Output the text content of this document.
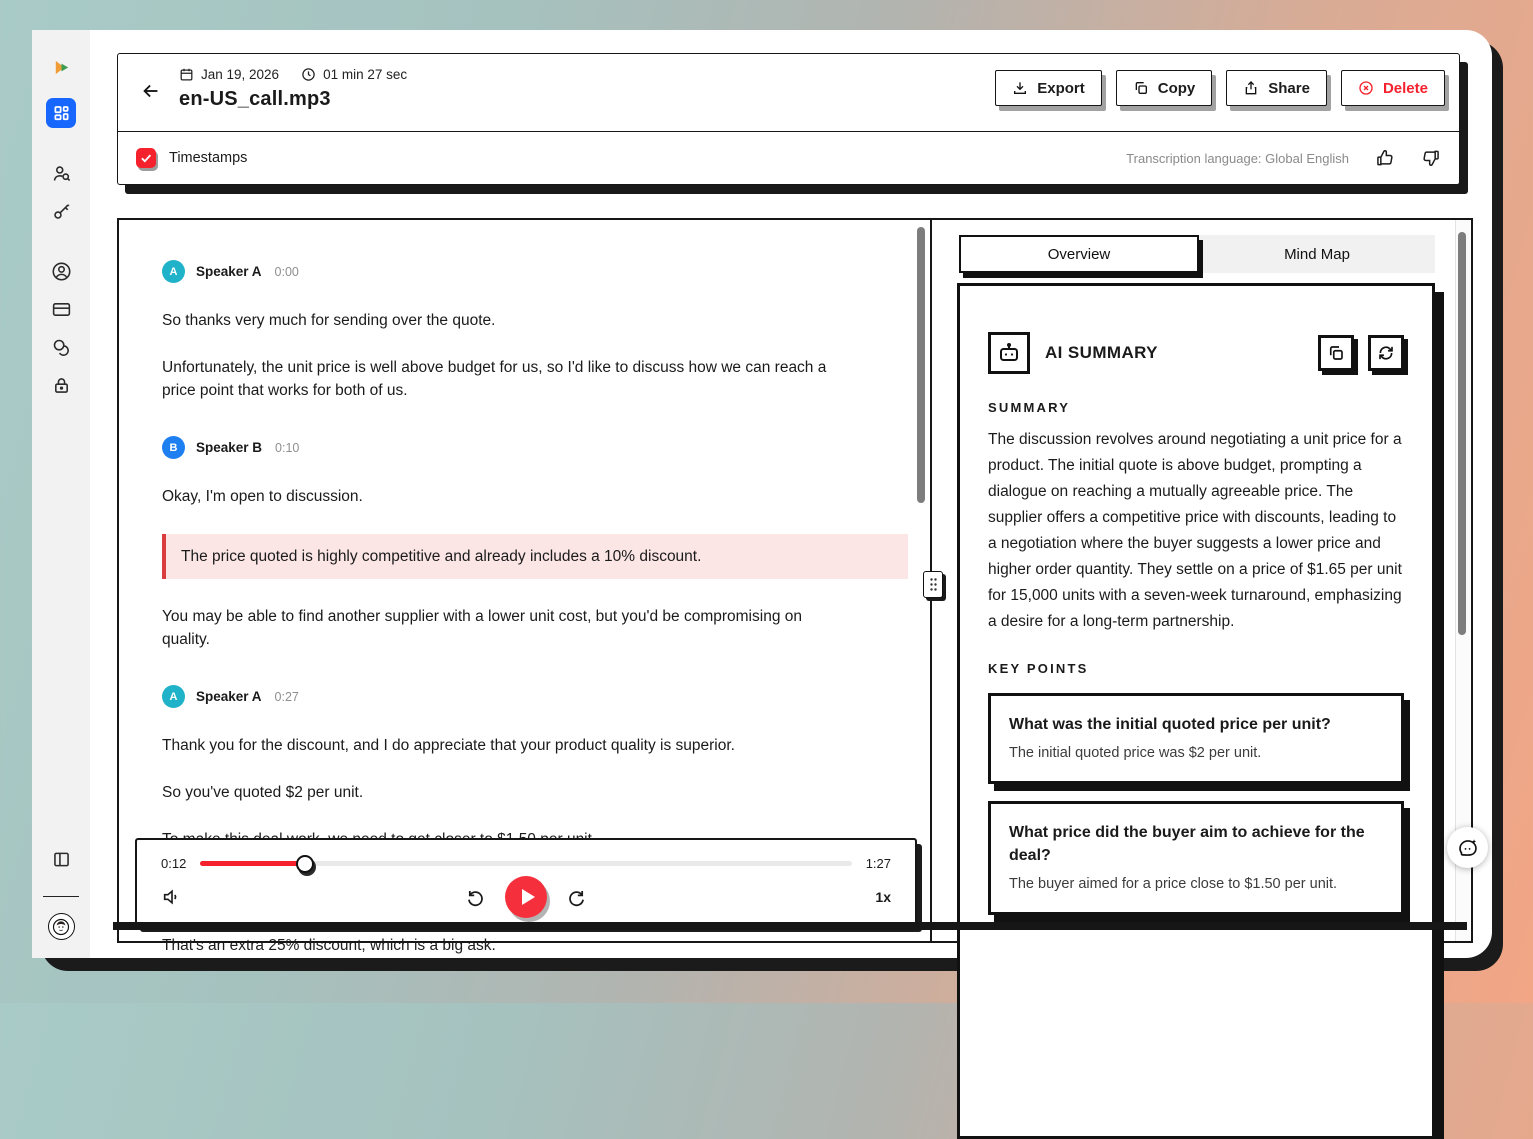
Jan 19, 2026	01 min 27 sec
en-US_call.mp3	Export	Copy	Share	Delete
Timestamps	Transcription language: Global English
A	Speaker A 0:00

So thanks very much for sending over the quote.

Unfortunately, the unit price is well above budget for us, so I'd like to discuss how we can reach a price point that works for both of us.

B	Speaker B 0:10

Okay, I'm open to discussion.

The price quoted is highly competitive and already includes a 10% discount.

You may be able to find another supplier with a lower unit cost, but you'd be compromising on quality.

A	Speaker A 0:27

Thank you for the discount, and I do appreciate that your product quality is superior.

So you've quoted $2 per unit.

That's an extra 25% discount, which is a big ask.

0:12	1:27
1x
Overview	Mind Map
AI SUMMARY
SUMMARY

The discussion revolves around negotiating a unit price for a product. The initial quote is above budget, prompting a dialogue on reaching a mutually agreeable price. The supplier offers a competitive price with discounts, leading to a negotiation where the buyer suggests a lower price and higher order quantity. They settle on a price of $1.65 per unit for 15,000 units with a seven-week turnaround, emphasizing a desire for a long-term partnership.

KEY POINTS
What was the initial quoted price per unit?
The initial quoted price was $2 per unit.
What price did the buyer aim to achieve for the deal?
The buyer aimed for a price close to $1.50 per unit.
